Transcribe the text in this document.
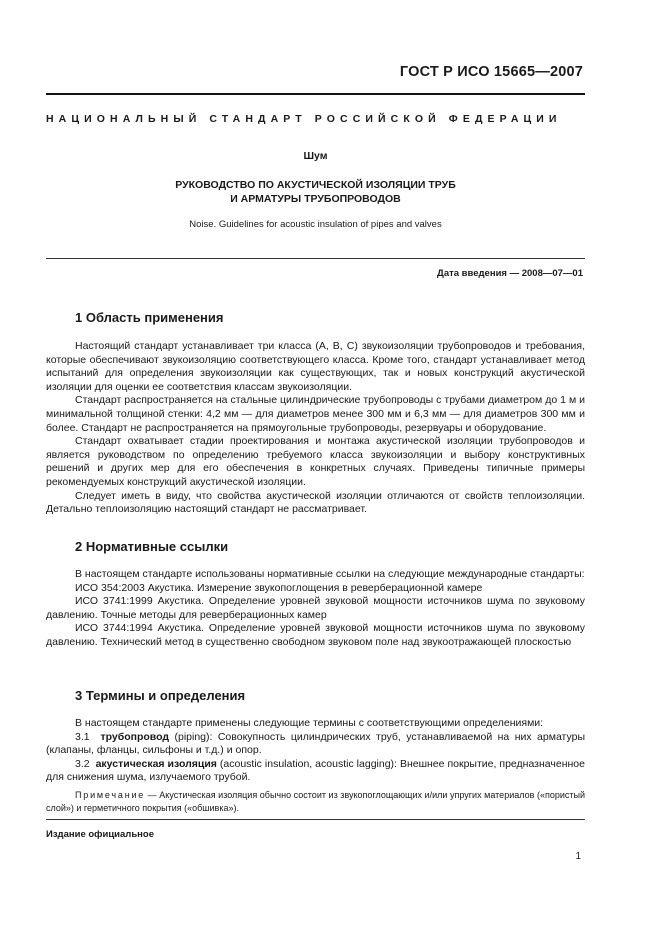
ГОСТ Р ИСО 15665—2007
НАЦИОНАЛЬНЫЙ СТАНДАРТ РОССИЙСКОЙ ФЕДЕРАЦИИ
Шум
РУКОВОДСТВО ПО АКУСТИЧЕСКОЙ ИЗОЛЯЦИИ ТРУБ
И АРМАТУРЫ ТРУБОПРОВОДОВ
Noise. Guidelines for acoustic insulation of pipes and valves
Дата введения — 2008—07—01
1 Область применения

Настоящий стандарт устанавливает три класса (А, В, С) звукоизоляции трубопроводов и требования, которые обеспечивают звукоизоляцию соответствующего класса. Кроме того, стандарт устанавливает метод испытаний для определения звукоизоляции как существующих, так и новых конструкций акустической изоляции для оценки ее соответствия классам звукоизоляции.

Стандарт распространяется на стальные цилиндрические трубопроводы с трубами диаметром до 1 м и минимальной толщиной стенки: 4,2 мм — для диаметров менее 300 мм и 6,3 мм — для диаметров 300 мм и более. Стандарт не распространяется на прямоугольные трубопроводы, резервуары и оборудование.

Стандарт охватывает стадии проектирования и монтажа акустической изоляции трубопроводов и является руководством по определению требуемого класса звукоизоляции и выбору конструктивных решений и других мер для его обеспечения в конкретных случаях. Приведены типичные примеры рекомендуемых конструкций акустической изоляции.

Следует иметь в виду, что свойства акустической изоляции отличаются от свойств теплоизоляции. Детально теплоизоляцию настоящий стандарт не рассматривает.

2 Нормативные ссылки

В настоящем стандарте использованы нормативные ссылки на следующие международные стандарты:

ИСО 354:2003 Акустика. Измерение звукопоглощения в реверберационной камере

ИСО 3741:1999 Акустика. Определение уровней звуковой мощности источников шума по звуковому давлению. Точные методы для реверберационных камер

ИСО 3744:1994 Акустика. Определение уровней звуковой мощности источников шума по звуковому давлению. Технический метод в существенно свободном звуковом поле над звукоотражающей плоскостью

3 Термины и определения

В настоящем стандарте применены следующие термины с соответствующими определениями:

3.1 трубопровод (piping): Совокупность цилиндрических труб, устанавливаемой на них арматуры (клапаны, фланцы, сильфоны и т.д.) и опор.

3.2 акустическая изоляция (acoustic insulation, acoustic lagging): Внешнее покрытие, предназначенное для снижения шума, излучаемого трубой.

Примечание — Акустическая изоляция обычно состоит из звукопоглощающих и/или упругих материалов («пористый слой») и герметичного покрытия («обшивка»).

Издание официальное
1
